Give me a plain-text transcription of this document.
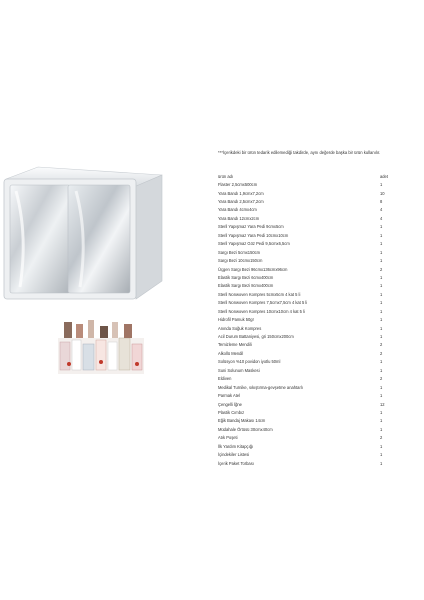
***İçerikdeki bir ürün tedarik edilemediği takdirde, aynı değerde başka bir ürün kullanılır.
ürün adı	adet
Flaster 2,5cmx500cm	1
Yara Bandı 1,9cmx7,2cm	10
Yara Bandı 2,5cmx7,2cm	8
Yara Bandı 4cmx4cm	4
Yara Bandı 12cmx2cm	4
Steril Yapışmaz Yara Pedi 9cmx5cm	1
Steril Yapışmaz Yara Pedi 10cmx10cm	1
Steril Yapışmaz Göz Pedi 9,5cmx6,5cm	1
Sargı Bezi 5cmx150cm	1
Sargı Bezi 10cmx150cm	1
Üçgen Sargı Bezi 96cmx136cmx96cm	2
Elastik Sargı Bezi 6cmx400cm	1
Elastik Sargı Bezi 8cmx400cm	1
Steril Nonwoven Kompres 5cmx5cm 4 kat 5 li	1
Steril Nonwoven Kompres 7,5cmx7,5cm 4 kat 5 li	1
Steril Nonwoven Kompres 10cmx10cm 4 kat 5 li	1
Hidrofil Pamuk 50gr	1
Anında Soğuk Kompres	1
Acil Durum Battaniyesi, gri 150cmx200cm	1
Temizleme Mendili	2
Alkollü Mendil	2
Solüsyon %10 povidon iyotlu 50ml	1
Suni Solunum Maskesi	1
Eldiven	2
Medikal Turnike, sıkıştırma-gevşetme anahtarlı	1
Parmak Atel	1
Çengelli İğne	12
Plastik Cımbız	1
Eğik Bandaj Makası 14cm	1
Müdahale Örtüsü 30cmx40cm	1
Atık Poşeti	2
İlk Yardım Kitapçığı	1
İçindekiler Listesi	1
İçerik Paket Torbası	1
